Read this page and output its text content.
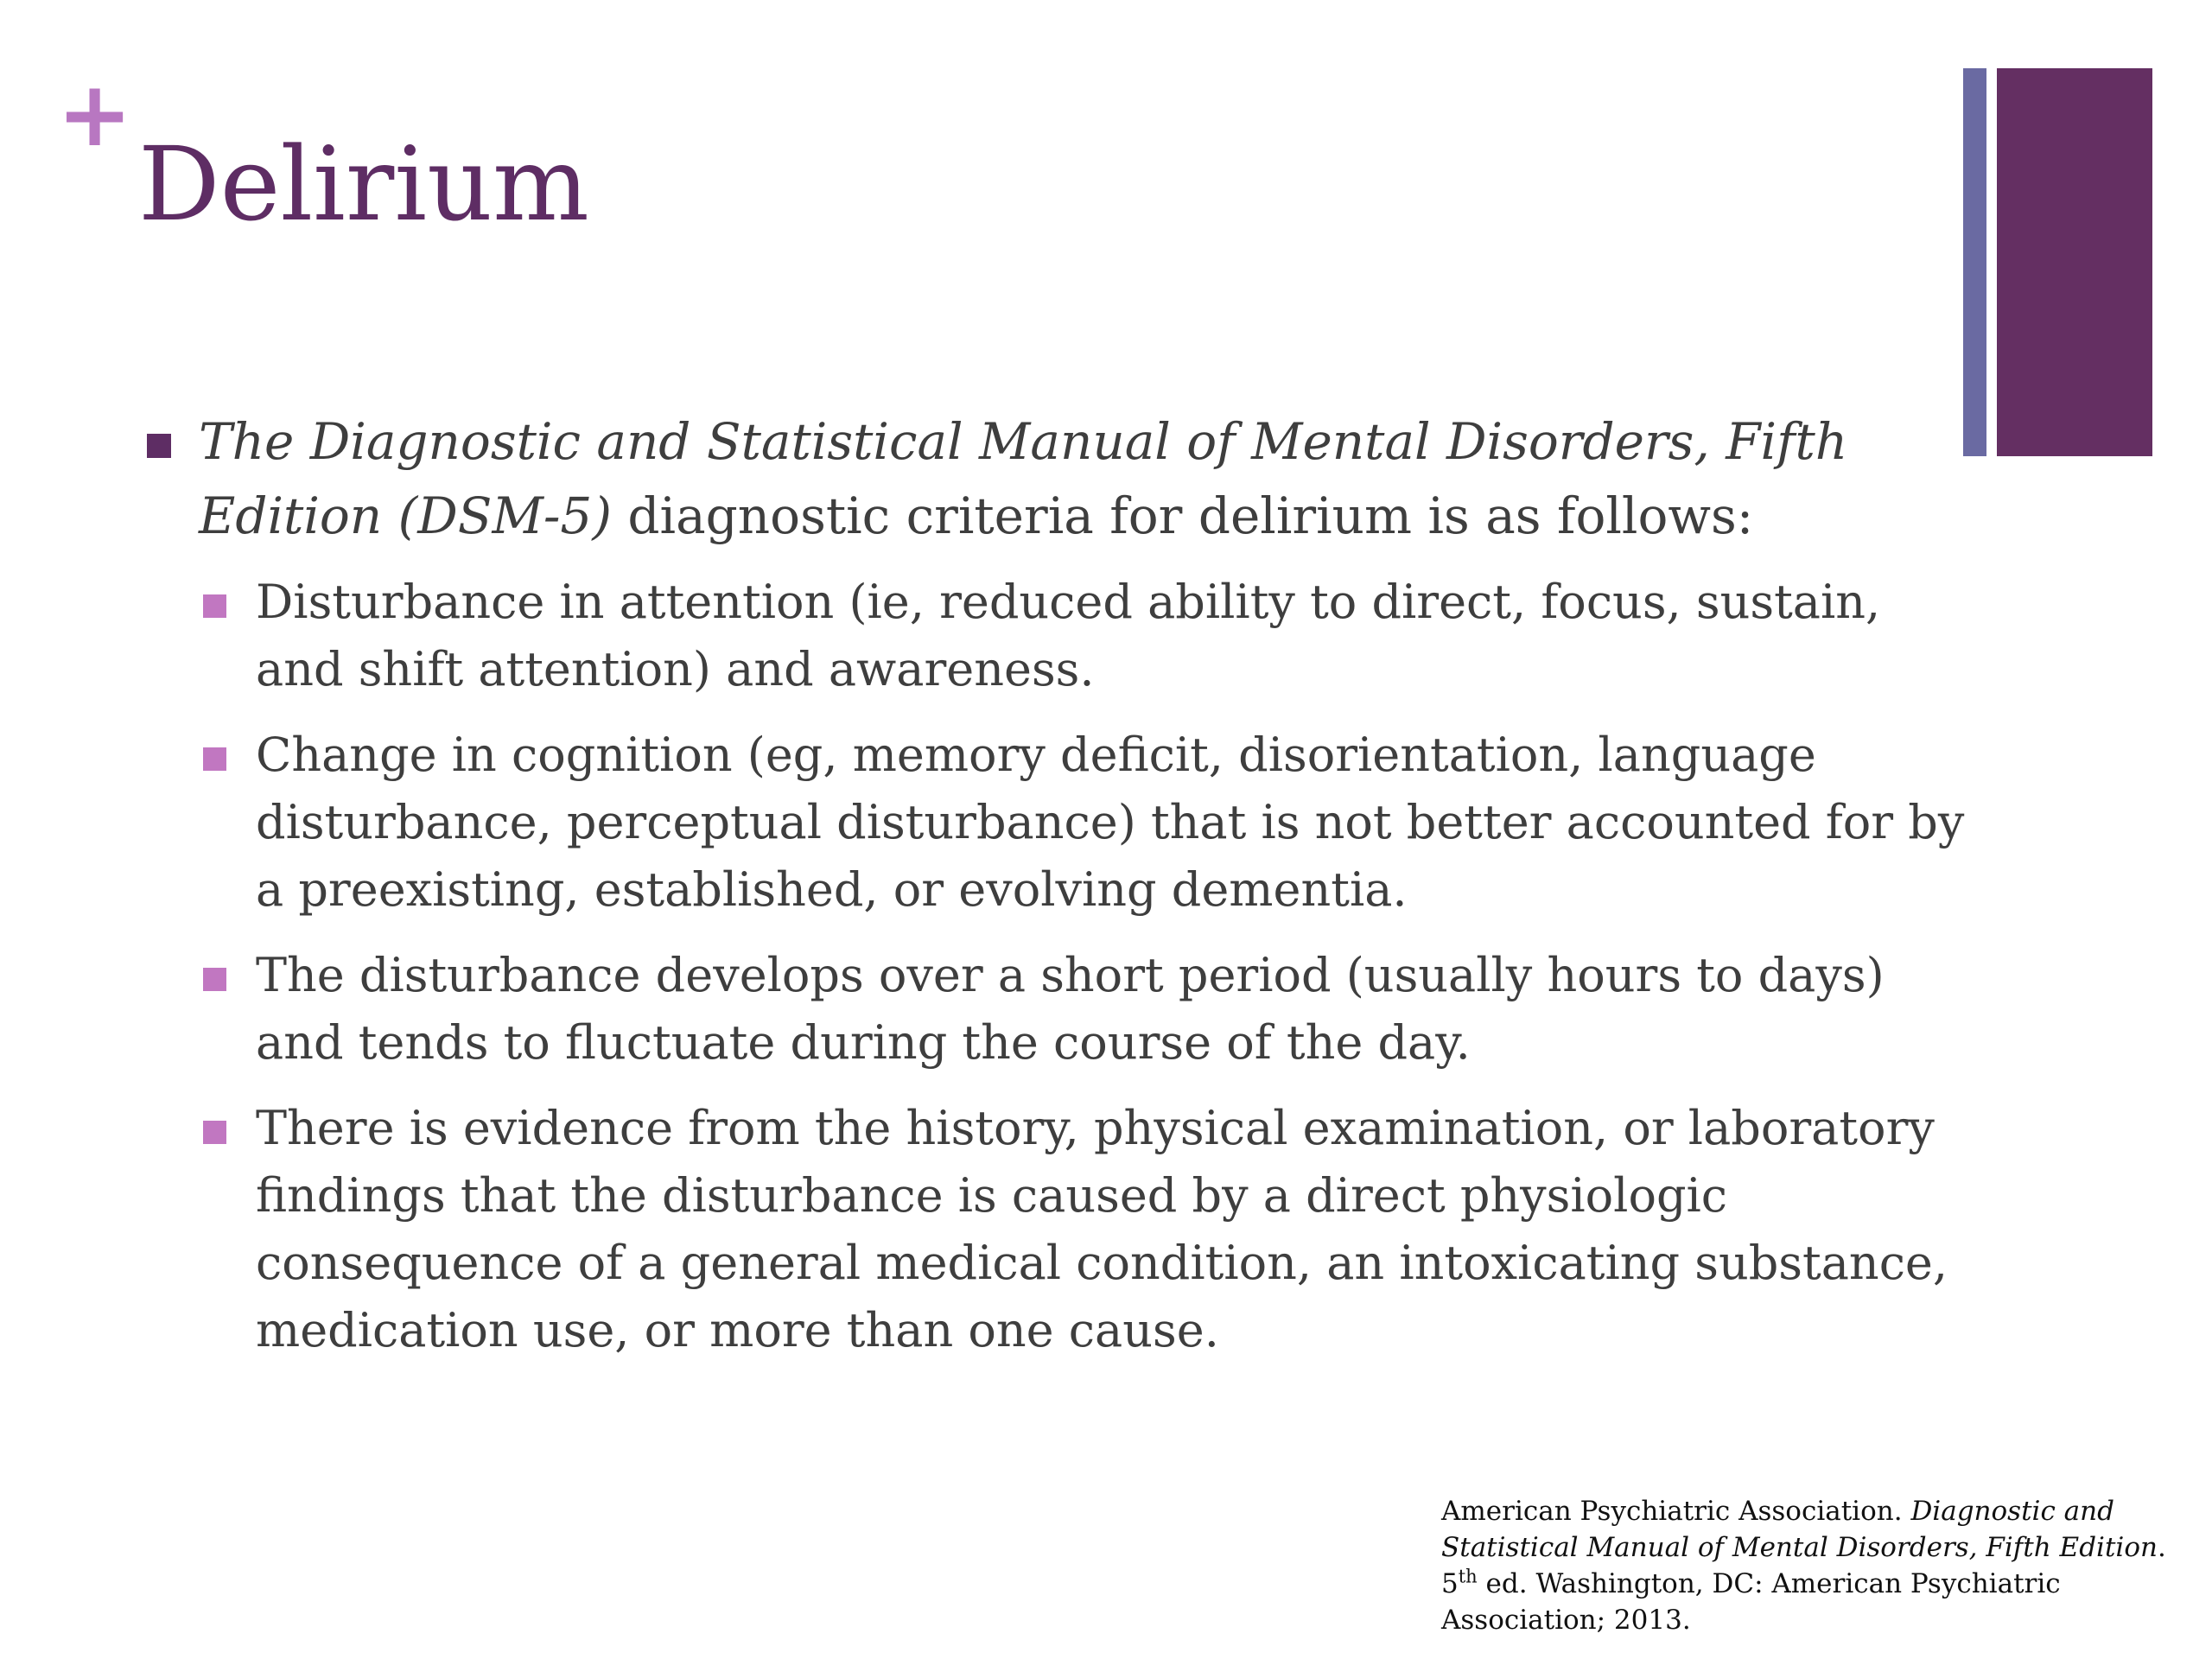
+
Delirium
The Diagnostic and Statistical Manual of Mental Disorders, Fifth Edition (DSM-5) diagnostic criteria for delirium is as follows:
Disturbance in attention (ie, reduced ability to direct, focus, sustain, and shift attention) and awareness.
Change in cognition (eg, memory deficit, disorientation, language disturbance, perceptual disturbance) that is not better accounted for by a preexisting, established, or evolving dementia.
The disturbance develops over a short period (usually hours to days) and tends to fluctuate during the course of the day.
There is evidence from the history, physical examination, or laboratory findings that the disturbance is caused by a direct physiologic consequence of a general medical condition, an intoxicating substance, medication use, or more than one cause.
American Psychiatric Association. Diagnostic and Statistical Manual of Mental Disorders, Fifth Edition. 5th ed. Washington, DC: American Psychiatric Association; 2013.
